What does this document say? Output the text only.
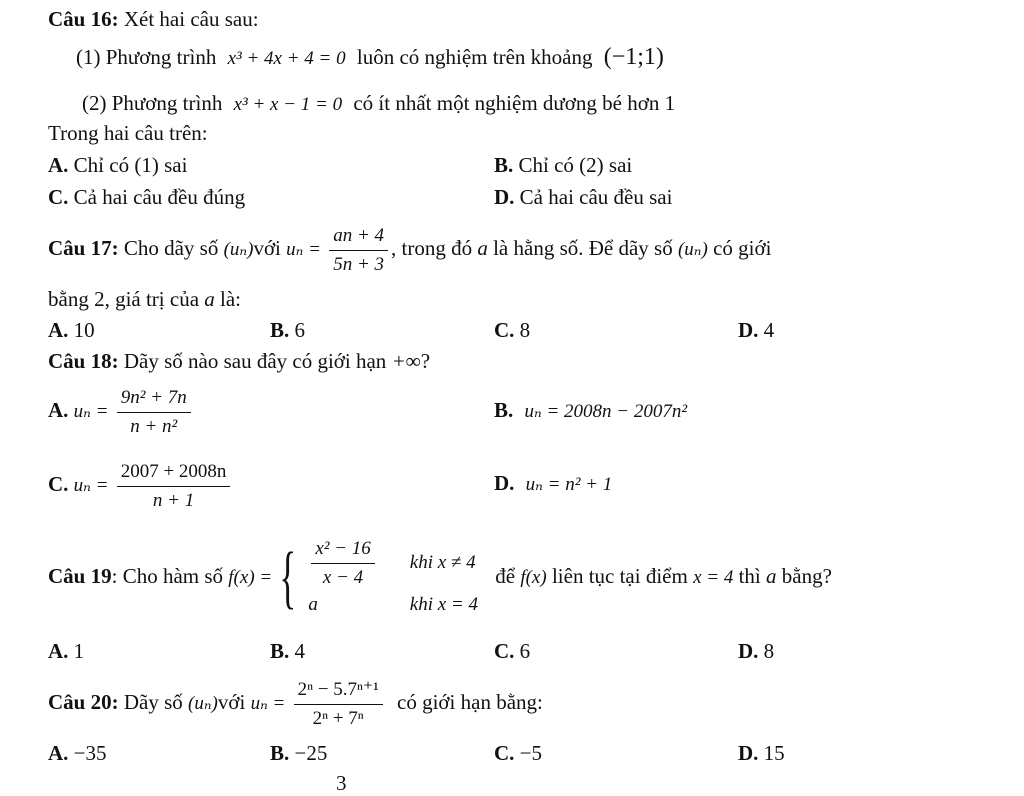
Câu 16: Xét hai câu sau:
(1) Phương trình x³ + 4x + 4 = 0 luôn có nghiệm trên khoảng (−1;1)
(2) Phương trình x³ + x − 1 = 0 có ít nhất một nghiệm dương bé hơn 1
Trong hai câu trên:
A. Chỉ có (1) sai	B. Chỉ có (2) sai
C. Cả hai câu đều đúng	D. Cả hai câu đều sai
Câu 17: Cho dãy số (uₙ)với $u_n = \frac{an + 4}{5n + 3}$ , trong đó a là hằng số. Để dãy số (uₙ) có giới
bằng 2, giá trị của a là:
A. 10	B. 6	C. 8	D. 4
Câu 18: Dãy số nào sau đây có giới hạn +∞?
A. $u_n = \frac{\text{9n² + 7n}}{\text{n + n²}}$	B. uₙ = 2008n − 2007n²
C. $u_n = \frac{2007 + 2008n}{n + 1}$	D. uₙ = n² + 1
Câu 19: Cho hàm số f(x) = { $\frac{\text{x² − 16}}{x - 4}$	khi x ≠ 4
a	khi x = 4
để f(x) liên tục tại điểm x = 4 thì a bằng?
A. 1	B. 4	C. 6	D. 8
Câu 20: Dãy số (uₙ)với $u_n = \frac{\text{2ⁿ − 5.7ⁿ⁺¹}}{\text{2ⁿ + 7ⁿ}}$ có giới hạn bằng:
A. −35	B. −25	C. −5	D. 15
3
